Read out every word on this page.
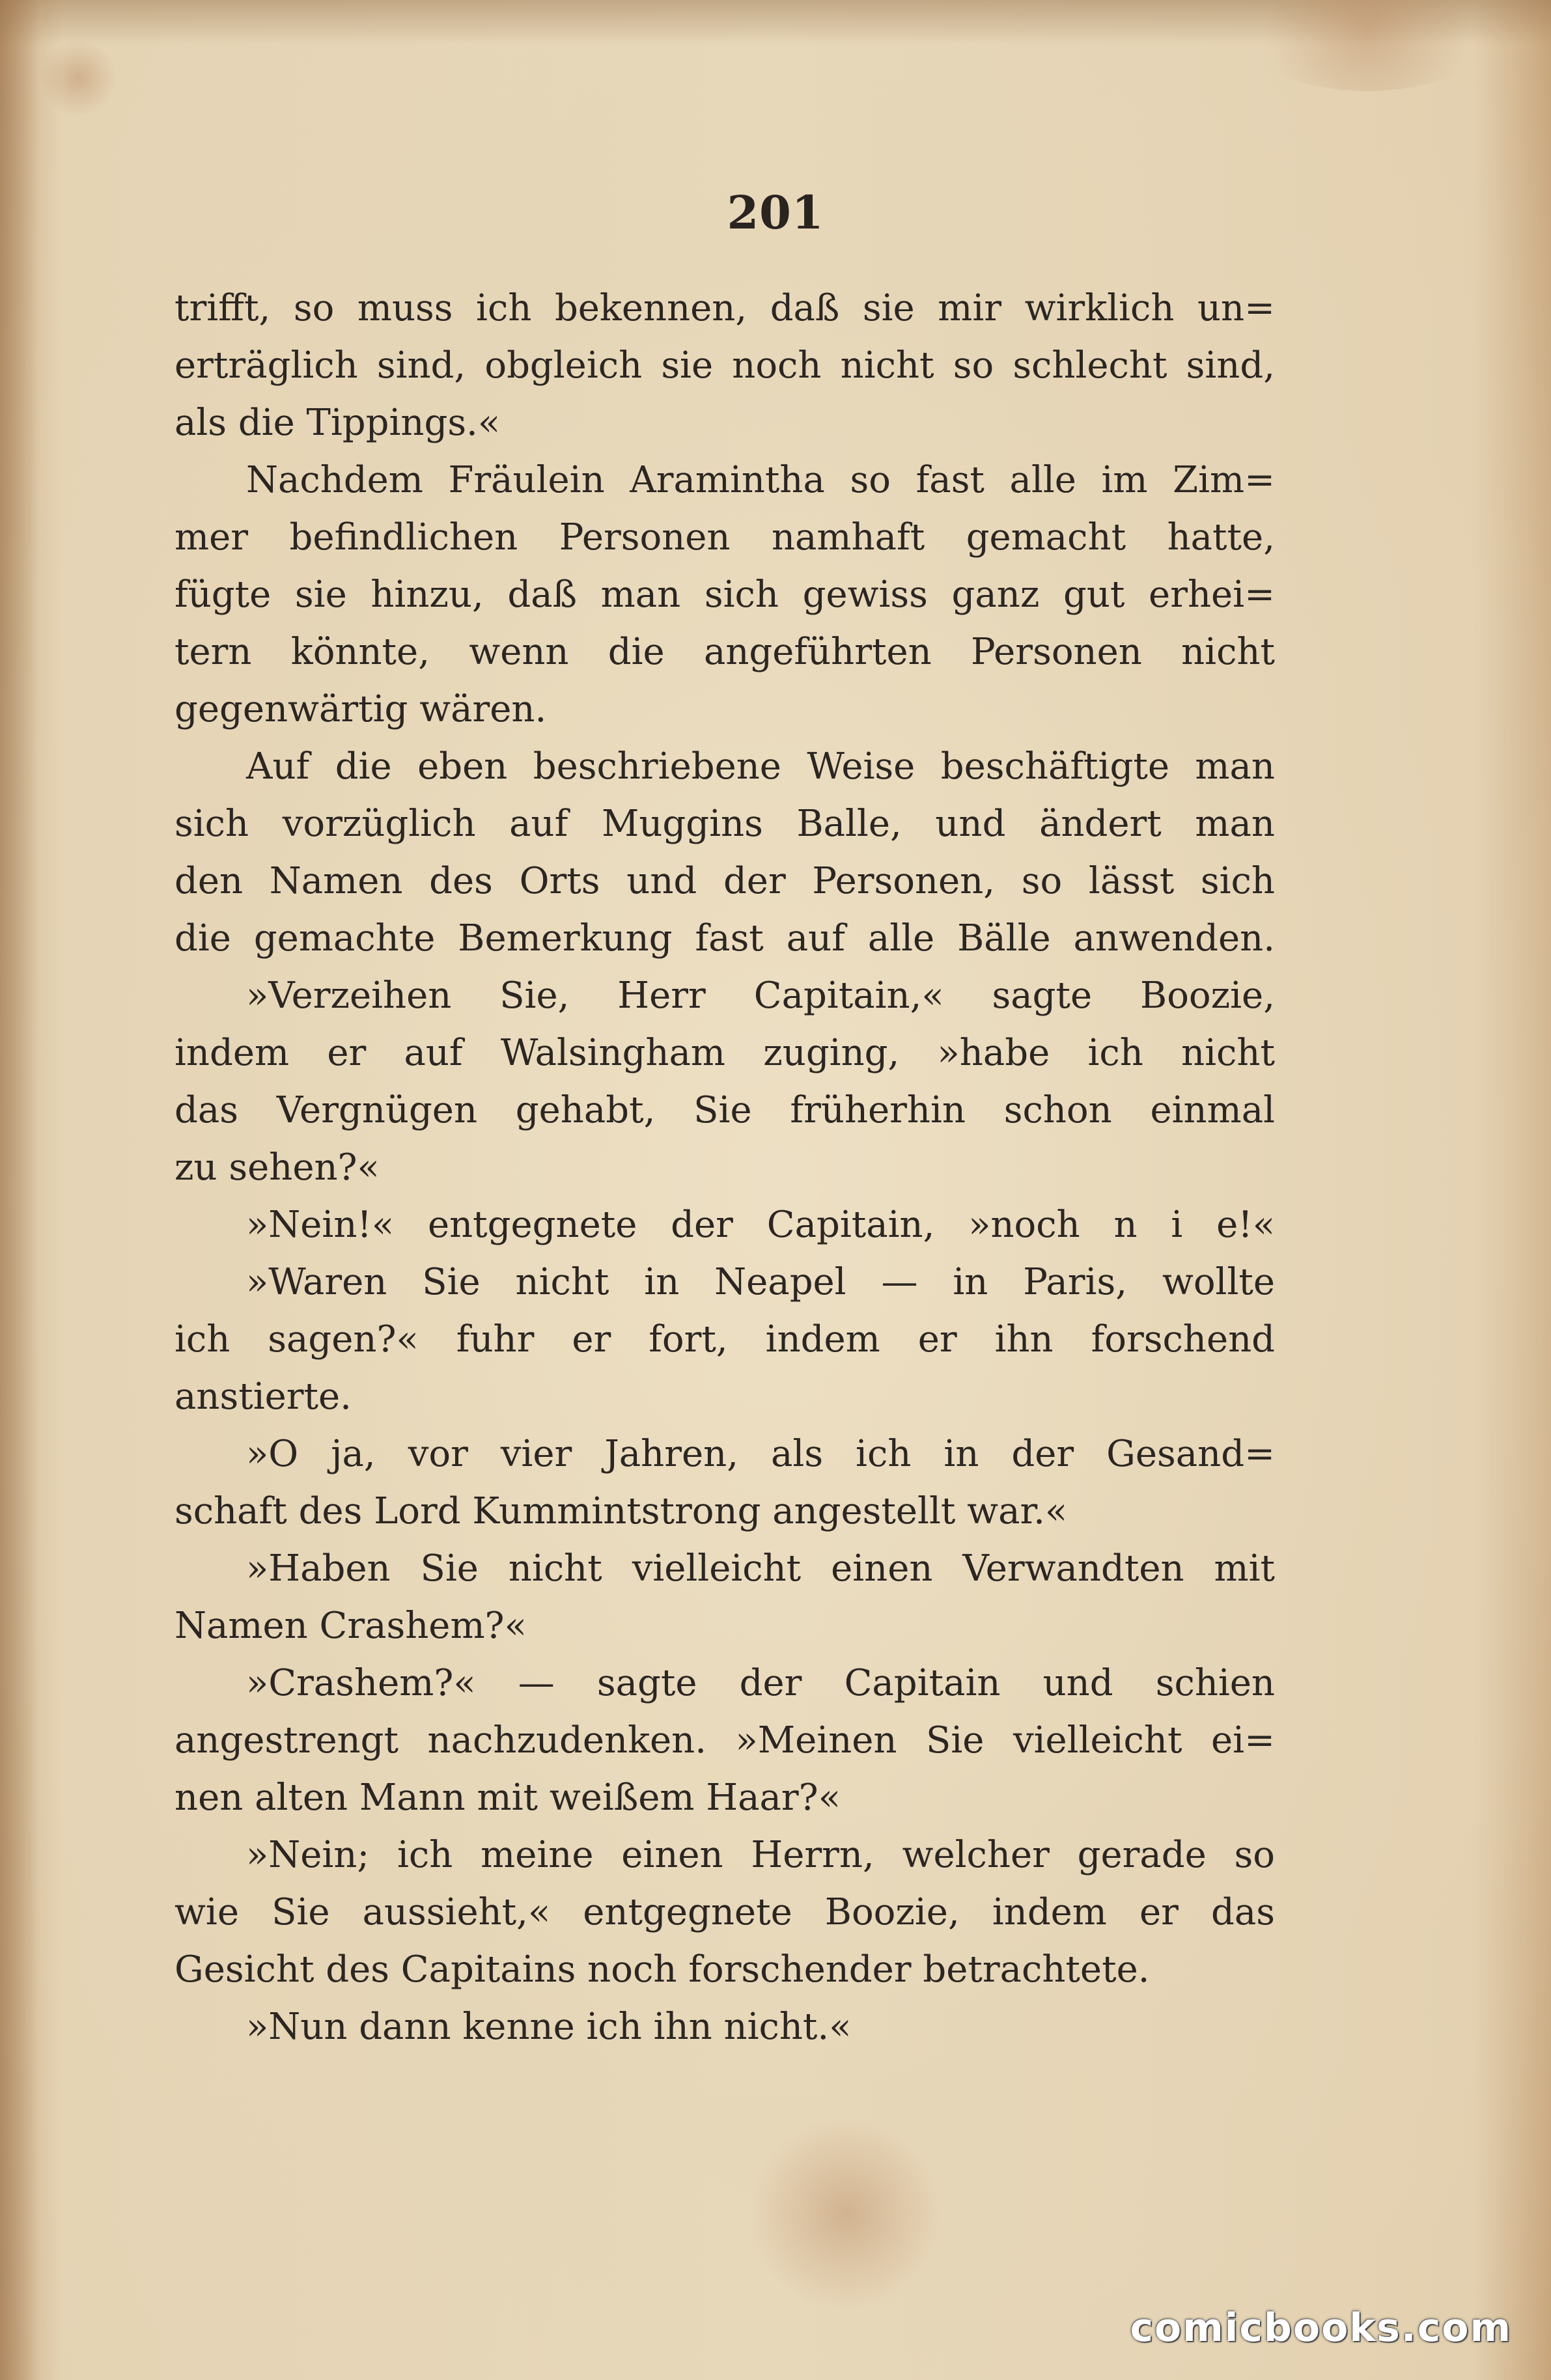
201
trifft, so muss ich bekennen, daß sie mir wirklich un=
erträglich sind, obgleich sie noch nicht so schlecht sind,
als die Tippings.«
Nachdem Fräulein Araminthа so fast alle im Zim=
mer befindlichen Personen namhaft gemacht hatte,
fügte sie hinzu, daß man sich gewiss ganz gut erhei=
tern könnte, wenn die angeführten Personen nicht
gegenwärtig wären.
Auf die eben beschriebene Weise beschäftigte man
sich vorzüglich auf Muggins Balle, und ändert man
den Namen des Orts und der Personen, so lässt sich
die gemachte Bemerkung fast auf alle Bälle anwenden.
»Verzeihen Sie, Herr Capitain,« sagte Boozie,
indem er auf Walsingham zuging, »habe ich nicht
das Vergnügen gehabt, Sie früherhin schon einmal
zu sehen?«
»Nein!« entgegnete der Capitain, »noch n i e!«
»Waren Sie nicht in Neapel — in Paris, wollte
ich sagen?« fuhr er fort, indem er ihn forschend
anstierte.
»O ja, vor vier Jahren, als ich in der Gesand=
schaft des Lord Kummintstrong angestellt war.«
»Haben Sie nicht vielleicht einen Verwandten mit
Namen Crashem?«
»Crashem?« — sagte der Capitain und schien
angestrengt nachzudenken. »Meinen Sie vielleicht ei=
nen alten Mann mit weißem Haar?«
»Nein; ich meine einen Herrn, welcher gerade so
wie Sie aussieht,« entgegnete Boozie, indem er das
Gesicht des Capitains noch forschender betrachtete.
»Nun dann kenne ich ihn nicht.«
comicbooks.com
